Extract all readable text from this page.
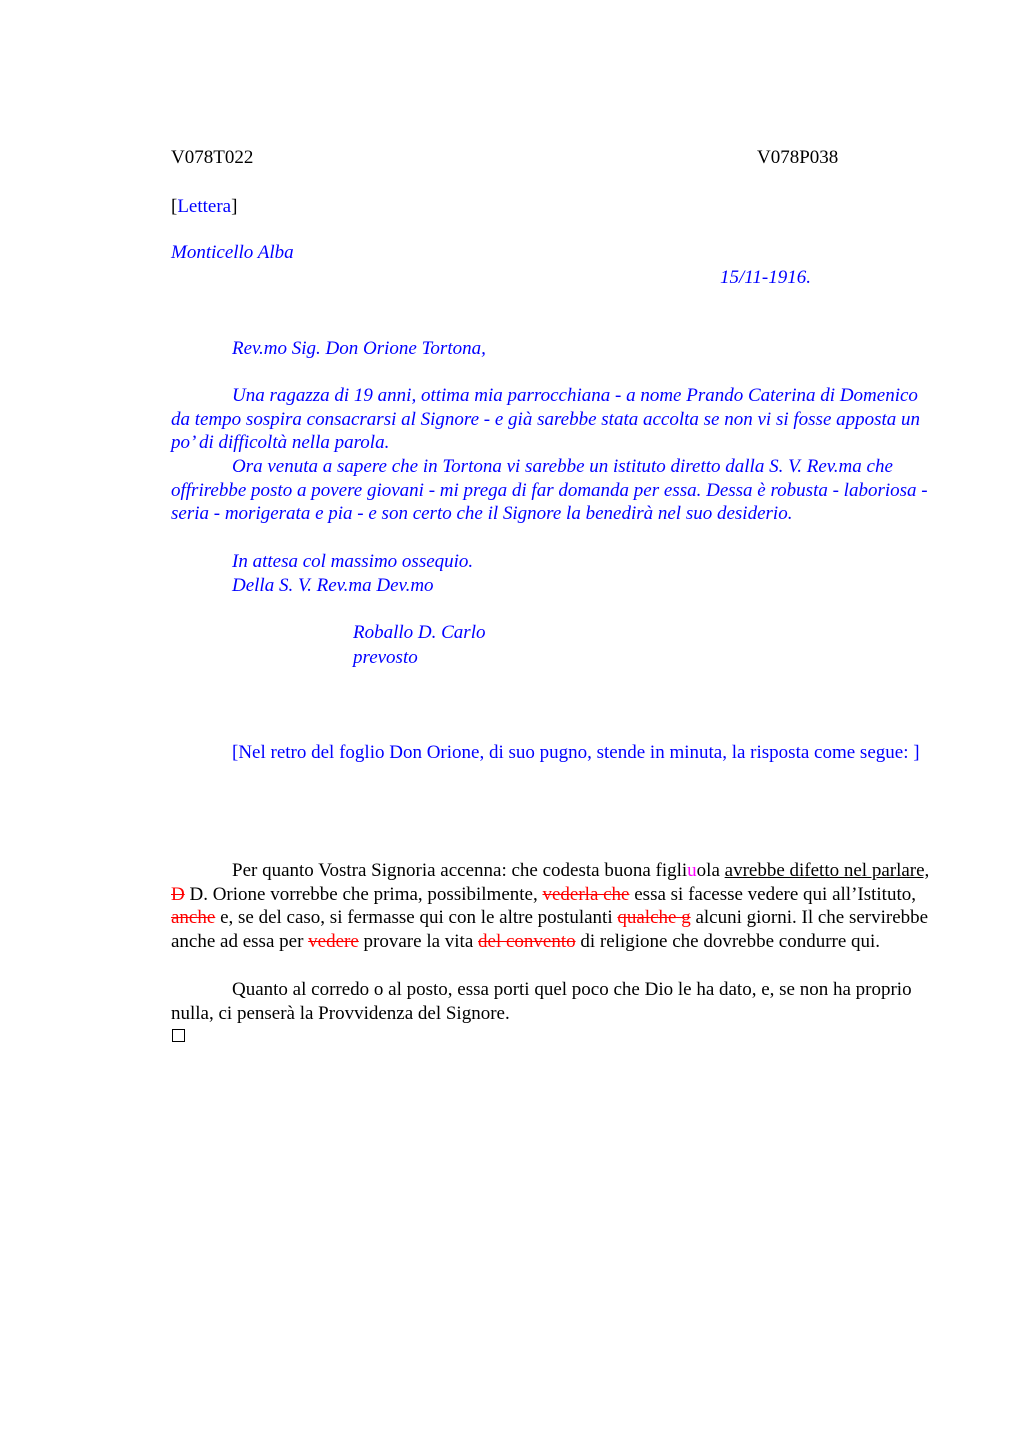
V078T022	V078P038
[Lettera]
Monticello Alba
15/11-1916.
Rev.mo Sig. Don Orione Tortona,
Una ragazza di 19 anni, ottima mia parrocchiana - a nome Prando Caterina di Domenico da tempo sospira consacrarsi al Signore - e già sarebbe stata accolta se non vi si fosse apposta un po’ di difficoltà nella parola.
Ora venuta a sapere che in Tortona vi sarebbe un istituto diretto dalla S. V. Rev.ma che offrirebbe posto a povere giovani - mi prega di far domanda per essa. Dessa è robusta - laboriosa - seria - morigerata e pia - e son certo che il Signore la benedirà nel suo desiderio.
In attesa col massimo ossequio.
Della S. V. Rev.ma Dev.mo
Roballo D. Carlo
prevosto
[Nel retro del foglio Don Orione, di suo pugno, stende in minuta, la risposta come segue: ]
Per quanto Vostra Signoria accenna: che codesta buona figliuola avrebbe difetto nel parlare, D D. Orione vorrebbe che prima, possibilmente, vederla che essa si facesse vedere qui all’Istituto, anche e, se del caso, si fermasse qui con le altre postulanti qualche g alcuni giorni. Il che servirebbe anche ad essa per vedere provare la vita del convento di religione che dovrebbe condurre qui.
Quanto al corredo o al posto, essa porti quel poco che Dio le ha dato, e, se non ha proprio nulla, ci penserà la Provvidenza del Signore.
